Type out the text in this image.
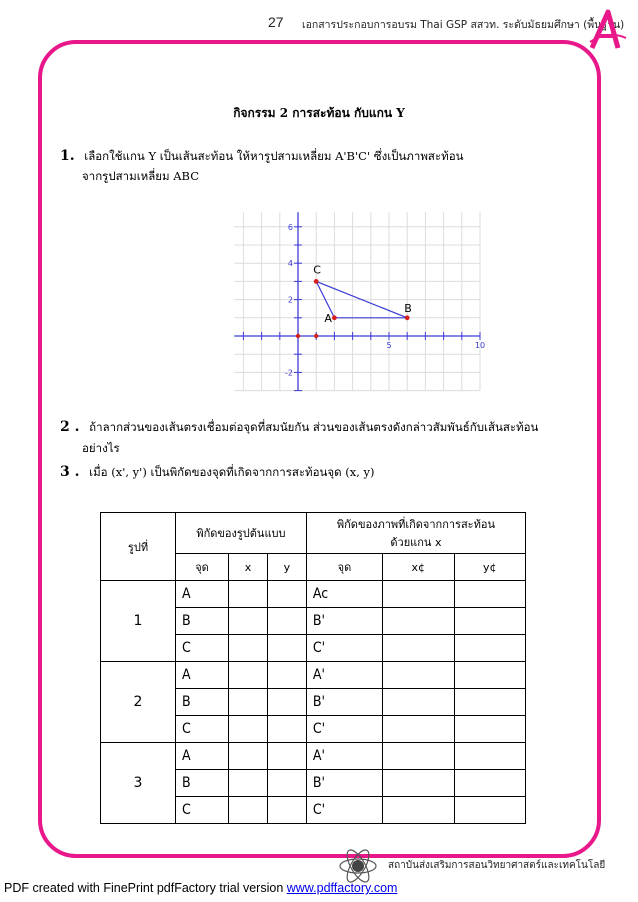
27 เอกสารประกอบการอบรม Thai GSP สสวท. ระดับมัธยมศึกษา (พื้นฐาน)
กิจกรรม 2 การสะท้อน กับแกน Y
1. เลือกใช้แกน Y เป็นเส้นสะท้อน ให้หารูปสามเหลี่ยม A'B'C' ซึ่งเป็นภาพสะท้อน
จากรูปสามเหลี่ยม ABC
6
4
2
-2
5	10
A
B
C
2 . ถ้าลากส่วนของเส้นตรงเชื่อมต่อจุดที่สมนัยกัน ส่วนของเส้นตรงดังกล่าวสัมพันธ์กับเส้นสะท้อน
อย่างไร
3 . เมื่อ (x', y') เป็นพิกัดของจุดที่เกิดจากการสะท้อนจุด (x, y)
รูปที่	พิกัดของรูปต้นแบบ			พิกัดของภาพที่เกิดจากการสะท้อน
ด้วยแกน x		

	จุด	x	y	จุด	x¢	y¢
1	A			Ac		
	B			B'		
	C			C'		
2	A			A'		
	B			B'		
	C			C'		
3	A			A'		
	B			B'		
	C			C'		
สถาบันส่งเสริมการสอนวิทยาศาสตร์และเทคโนโลยี
PDF created with FinePrint pdfFactory trial version www.pdffactory.com
